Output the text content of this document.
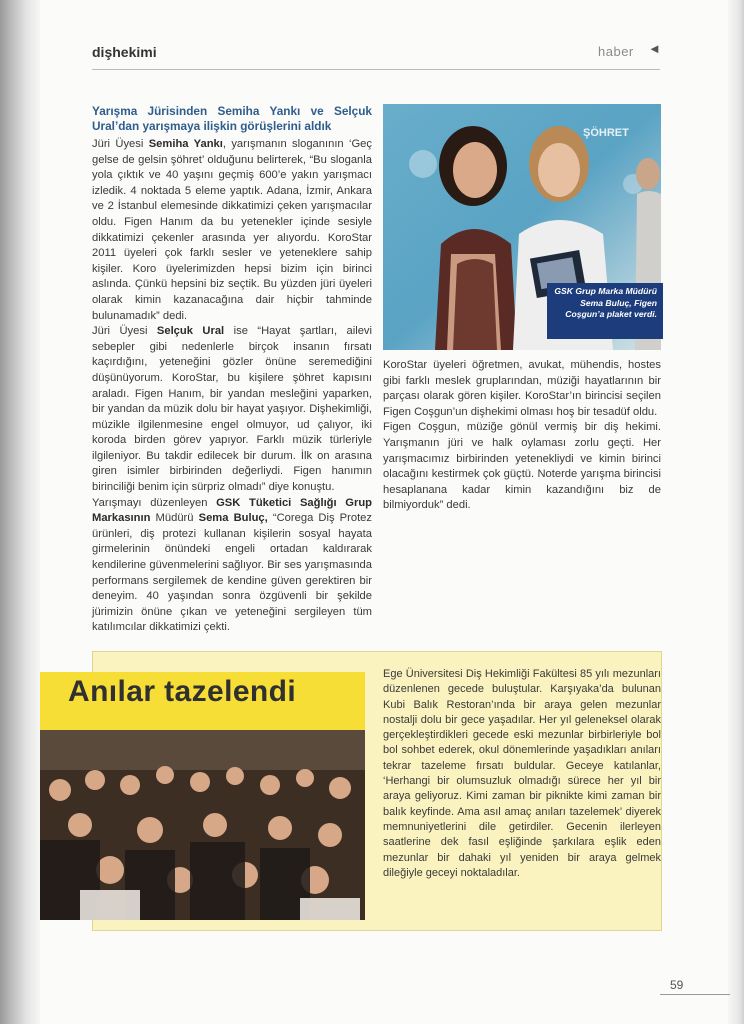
dişhekimi	haber ◄

Yarışma Jürisinden Semiha Yankı ve Selçuk Ural’dan yarışmaya ilişkin görüşlerini aldık

Jüri Üyesi Semiha Yankı, yarışmanın sloganının ‘Geç gelse de gelsin şöhret’ olduğunu belirterek, “Bu sloganla yola çıktık ve 40 yaşını geçmiş 600’e yakın yarışmacı izledik. 4 noktada 5 eleme yaptık. Adana, İzmir, Ankara ve 2 İstanbul elemesinde dikkatimizi çeken yarışmacılar oldu. Figen Hanım da bu yetenekler içinde sesiyle dikkatimizi çekenler arasında yer alıyordu. KoroStar 2011 üyeleri çok farklı sesler ve yeteneklere sahip kişiler. Koro üyelerimizden hepsi bizim için birinci aslında. Çünkü hepsini biz seçtik. Bu yüzden jüri üyeleri olarak kimin kazanacağına dair hiçbir tahminde bulunamadık” dedi.

Jüri Üyesi Selçuk Ural ise “Hayat şartları, ailevi sebepler gibi nedenlerle birçok insanın fırsatı kaçırdığını, yeteneğini gözler önüne seremediğini düşünüyorum. KoroStar, bu kişilere şöhret kapısını araladı. Figen Hanım, bir yandan mesleğini yaparken, bir yandan da müzik dolu bir hayat yaşıyor. Dişhekimliği, müzikle ilgilenmesine engel olmuyor, ud çalıyor, iki koroda birden görev yapıyor. Farklı müzik türleriyle ilgileniyor. Bu takdir edilecek bir durum. İlk on arasına giren isimler birbirinden değerliydi. Figen hanımın birinciliği benim için sürpriz olmadı” diye konuştu.

Yarışmayı düzenleyen GSK Tüketici Sağlığı Grup Markasının Müdürü Sema Buluç, “Corega Diş Protez ürünleri, diş protezi kullanan kişilerin sosyal hayata girmelerinin önündeki engeli ortadan kaldırarak kendilerine güvenmelerini sağlıyor. Bir ses yarışmasında performans sergilemek de kendine güven gerektiren bir deneyim. 40 yaşından sonra özgüvenli bir şekilde jürimizin önüne çıkan ve yeteneğini sergileyen tüm katılımcılar dikkatimizi çekti.

ŞÖHRET
GSK Grup Marka Müdürü Sema Buluç, Figen Coşgun’a plaket verdi.

KoroStar üyeleri öğretmen, avukat, mühendis, hostes gibi farklı meslek gruplarından, müziği hayatlarının bir parçası olarak gören kişiler. KoroStar’ın birincisi seçilen Figen Coşgun’un dişhekimi olması hoş bir tesadüf oldu.

Figen Coşgun, müziğe gönül vermiş bir diş hekimi. Yarışmanın jüri ve halk oylaması zorlu geçti. Her yarışmacımız birbirinden yetenekliydi ve kimin birinci olacağını kestirmek çok güçtü. Noterde yarışma birincisi hesaplanana kadar kimin kazandığını biz de bilmiyorduk” dedi.

Anılar tazelendi
Ege Üniversitesi Diş Hekimliği Fakültesi 85 yılı mezunları düzenlenen gecede buluştular. Karşıyaka’da bulunan Kubi Balık Restoran’ında bir araya gelen mezunlar nostalji dolu bir gece yaşadılar. Her yıl geleneksel olarak gerçekleştirdikleri gecede eski mezunlar birbirleriyle bol bol sohbet ederek, okul dönemlerinde yaşadıkları anıları tekrar tazeleme fırsatı buldular. Geceye katılanlar, ‘Herhangi bir olumsuzluk olmadığı sürece her yıl bir araya geliyoruz. Kimi zaman bir piknikte kimi zaman bir balık keyfinde. Ama asıl amaç anıları tazelemek’ diyerek memnuniyetlerini dile getirdiler. Gecenin ilerleyen saatlerine dek fasıl eşliğinde şarkılara eşlik eden mezunlar bir dahaki yıl yeniden bir araya gelmek dileğiyle geceyi noktaladılar.
59
